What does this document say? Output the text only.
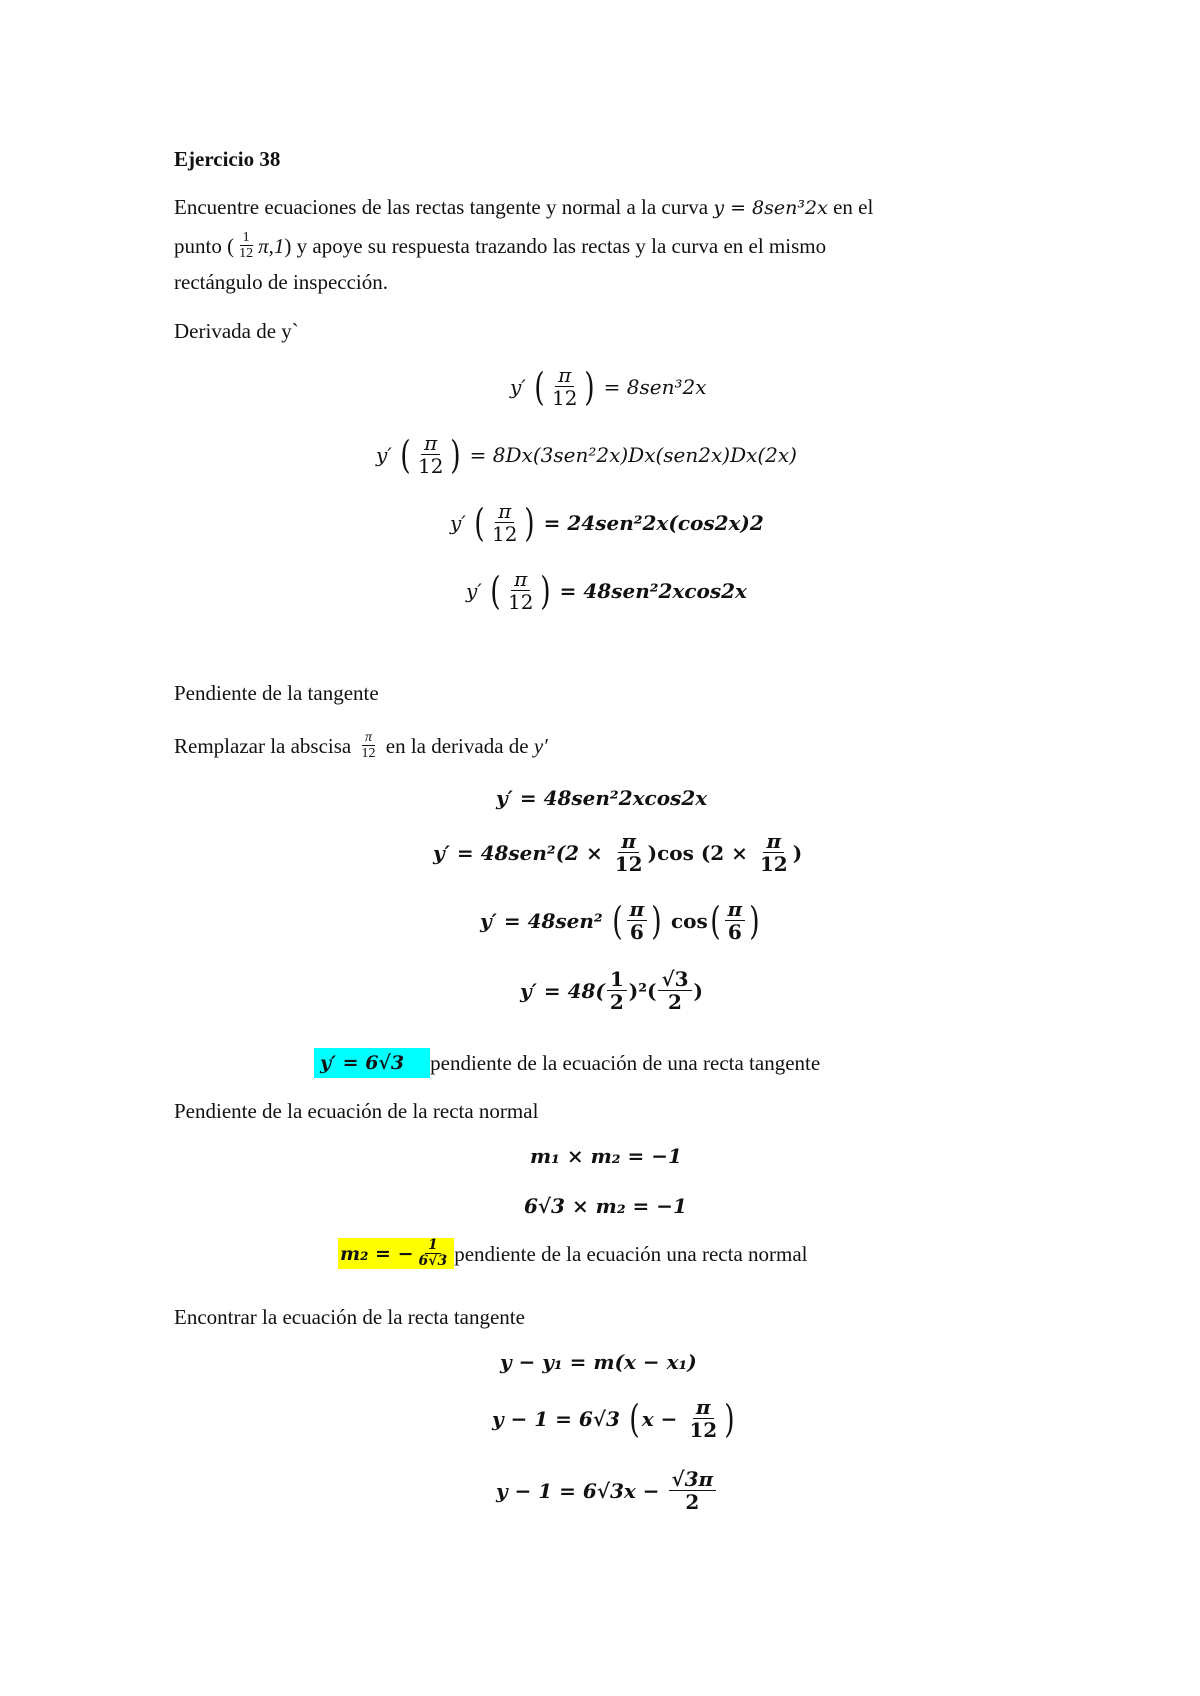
Ejercicio 38
Encuentre ecuaciones de las rectas tangente y normal a la curva y = 8sen³2x en el
punto ( $\frac{1}{12} \pi,1$ ) y apoye su respuesta trazando las rectas y la curva en el mismo
rectángulo de inspección.
Derivada de y`
y′
( $\frac{\pi}{12}$ )
= 8sen³2x
y′
( $\frac{\pi}{12}$ )
= 8Dx(3sen²2x)Dx(sen2x)Dx(2x)
y′
( $\frac{\pi}{12}$ )
= 24sen²2x(cos2x)2
y′
( $\frac{\pi}{12}$ )
= 48sen²2xcos2x
Pendiente de la tangente
Remplazar la abscisa
$\frac{\pi}{12}$
en la derivada de
y′
y′ = 48sen²2xcos2x
y′ = 48sen²(2 ×
$\frac{\pi}{12} )\cos$ (2 ×
$\frac{\pi}{12}$ )
y′ = 48sen²
( $\frac{\pi}{6}$ )
cos ( $\frac{\pi}{6}$ )
$y' = 48( \frac{1}{2} )^2( \frac{√3}{2}$ )
y′ = 6√3	pendiente de la ecuación de una recta tangente
Pendiente de la ecuación de la recta normal
m₁ × m₂ = −1
6√3 × m₂ = −1
m₂ = − $\frac{1}{6√3}$ pendiente de la ecuación una recta normal
Encontrar la ecuación de la recta tangente
y − y₁ = m(x − x₁)
y − 1 = 6√3
( x −
$\frac{\pi}{12}$ )
y − 1 = 6√3x −
$\frac{√3\pi}{2}$
